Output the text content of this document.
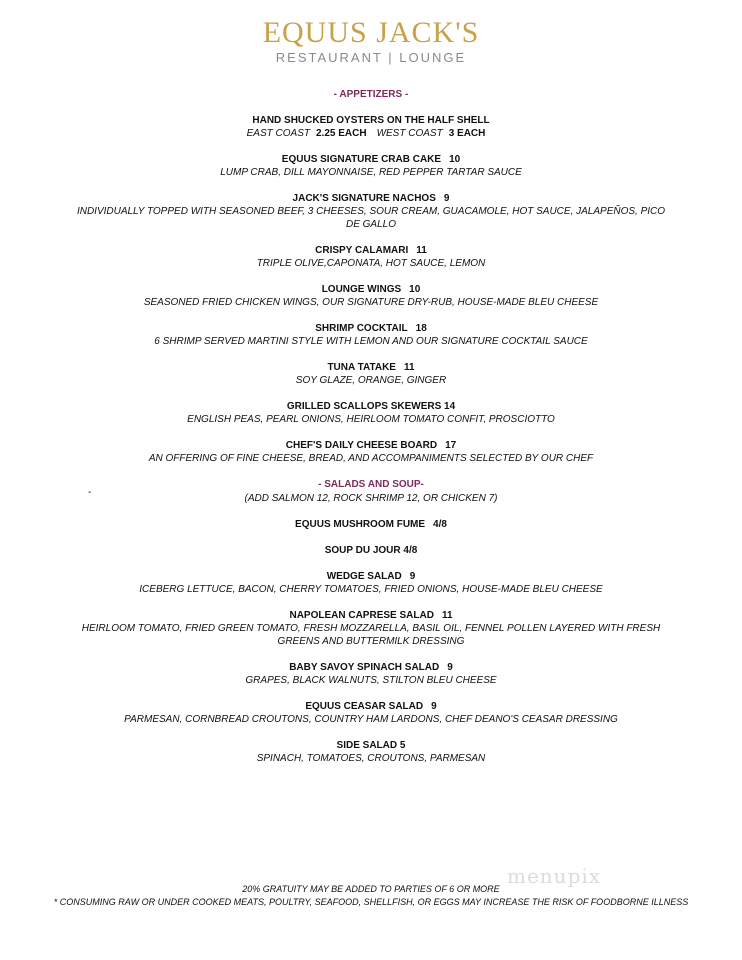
EQUUS JACK'S
RESTAURANT | LOUNGE
-
- APPETIZERS -
HAND SHUCKED OYSTERS ON THE HALF SHELL
EAST COAST 2.25 EACH WEST COAST 3 EACH
EQUUS SIGNATURE CRAB CAKE 10
LUMP CRAB, DILL MAYONNAISE, RED PEPPER TARTAR SAUCE
JACK'S SIGNATURE NACHOS 9
INDIVIDUALLY TOPPED WITH SEASONED BEEF, 3 CHEESES, SOUR CREAM, GUACAMOLE, HOT SAUCE, JALAPEÑOS, PICO DE GALLO
CRISPY CALAMARI 11
TRIPLE OLIVE,CAPONATA, HOT SAUCE, LEMON
LOUNGE WINGS 10
SEASONED FRIED CHICKEN WINGS, OUR SIGNATURE DRY-RUB, HOUSE-MADE BLEU CHEESE
SHRIMP COCKTAIL 18
6 SHRIMP SERVED MARTINI STYLE WITH LEMON AND OUR SIGNATURE COCKTAIL SAUCE
TUNA TATAKE 11
SOY GLAZE, ORANGE, GINGER
GRILLED SCALLOPS SKEWERS 14
ENGLISH PEAS, PEARL ONIONS, HEIRLOOM TOMATO CONFIT, PROSCIOTTO
CHEF'S DAILY CHEESE BOARD 17
AN OFFERING OF FINE CHEESE, BREAD, AND ACCOMPANIMENTS SELECTED BY OUR CHEF
- SALADS AND SOUP-
(ADD SALMON 12, ROCK SHRIMP 12, OR CHICKEN 7)
EQUUS MUSHROOM FUME 4/8
SOUP DU JOUR 4/8
WEDGE SALAD 9
ICEBERG LETTUCE, BACON, CHERRY TOMATOES, FRIED ONIONS, HOUSE-MADE BLEU CHEESE
NAPOLEAN CAPRESE SALAD 11
HEIRLOOM TOMATO, FRIED GREEN TOMATO, FRESH MOZZARELLA, BASIL OIL, FENNEL POLLEN LAYERED WITH FRESH GREENS AND BUTTERMILK DRESSING
BABY SAVOY SPINACH SALAD 9
GRAPES, BLACK WALNUTS, STILTON BLEU CHEESE
EQUUS CEASAR SALAD 9
PARMESAN, CORNBREAD CROUTONS, COUNTRY HAM LARDONS, CHEF DEANO'S CEASAR DRESSING
SIDE SALAD 5
SPINACH, TOMATOES, CROUTONS, PARMESAN
20% GRATUITY MAY BE ADDED TO PARTIES OF 6 OR MORE
* CONSUMING RAW OR UNDER COOKED MEATS, POULTRY, SEAFOOD, SHELLFISH, OR EGGS MAY INCREASE THE RISK OF FOODBORNE ILLNESS
menupix
